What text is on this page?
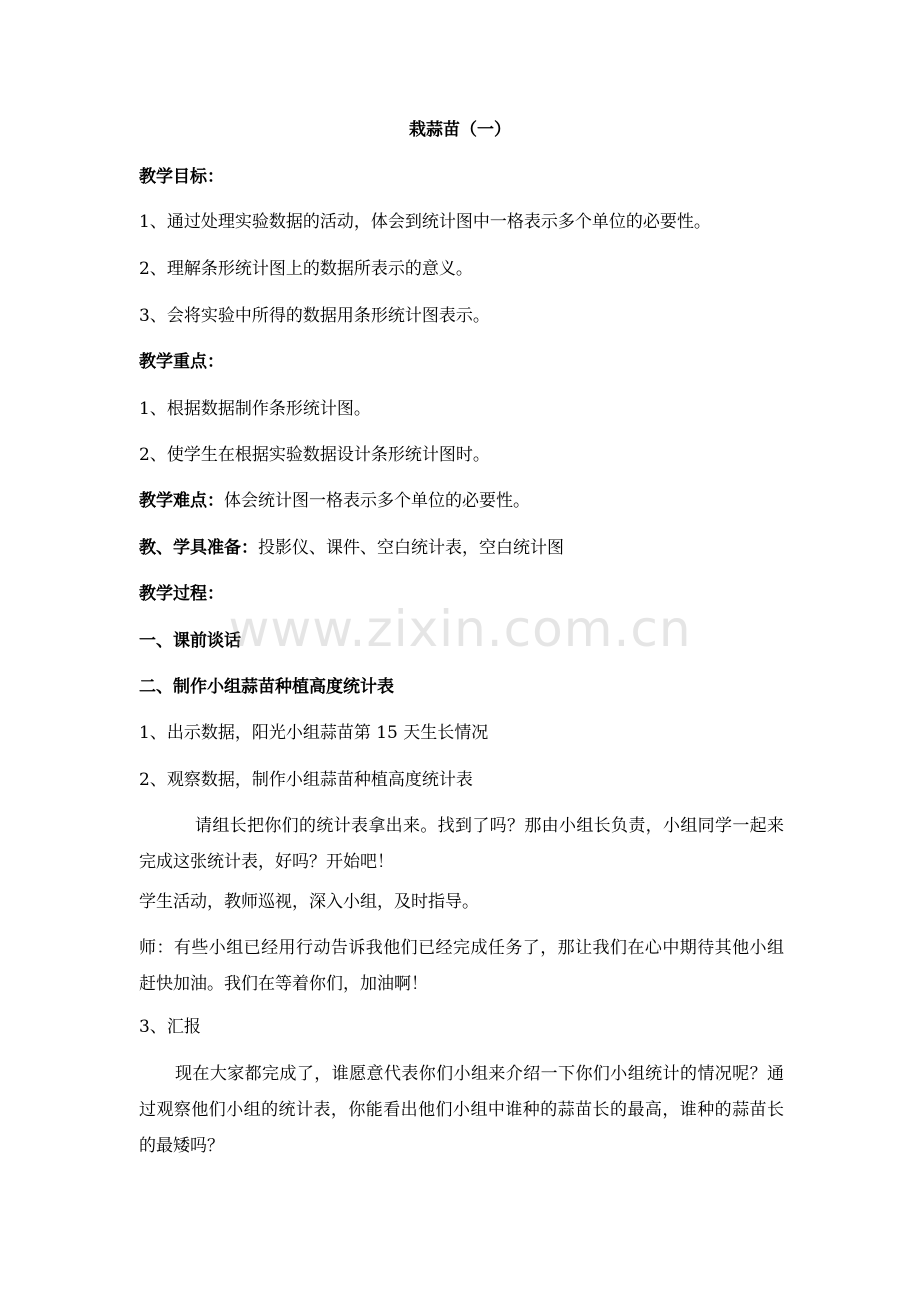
栽蒜苗（一）
教学目标：
1、通过处理实验数据的活动，体会到统计图中一格表示多个单位的必要性。
2、理解条形统计图上的数据所表示的意义。
3、会将实验中所得的数据用条形统计图表示。
教学重点：
1、根据数据制作条形统计图。
2、使学生在根据实验数据设计条形统计图时。
教学难点：体会统计图一格表示多个单位的必要性。
教、学具准备：投影仪、课件、空白统计表，空白统计图
教学过程：
一、课前谈话
二、制作小组蒜苗种植高度统计表
1、出示数据，阳光小组蒜苗第 15 天生长情况
2、观察数据，制作小组蒜苗种植高度统计表
请组长把你们的统计表拿出来。找到了吗？那由小组长负责，小组同学一起来完成这张统计表，好吗？开始吧！
学生活动，教师巡视，深入小组，及时指导。
师：有些小组已经用行动告诉我他们已经完成任务了，那让我们在心中期待其他小组赶快加油。我们在等着你们，加油啊！
3、汇报
现在大家都完成了，谁愿意代表你们小组来介绍一下你们小组统计的情况呢？通过观察他们小组的统计表，你能看出他们小组中谁种的蒜苗长的最高，谁种的蒜苗长的最矮吗？
www.zixin.com.cn
